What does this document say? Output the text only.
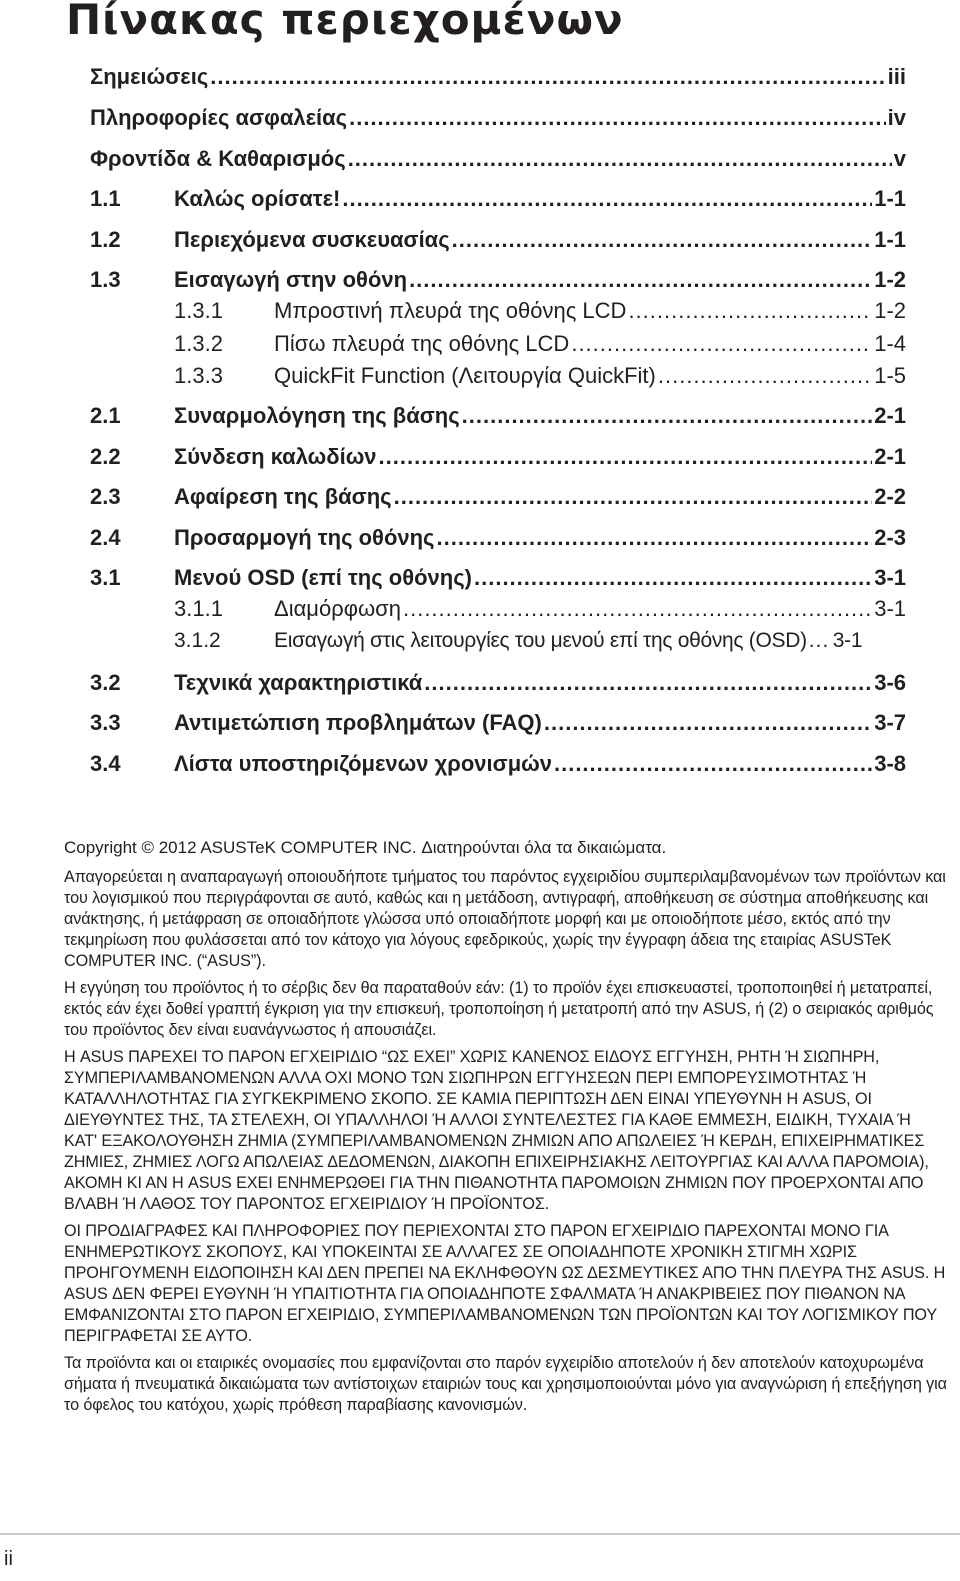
Πίνακας περιεχομένων
Σημειώσεις .....	iii
Πληροφορίες ασφαλείας .....	iv
Φροντίδα & Καθαρισμός .....	v
1.1	Καλώς ορίσατε! .....	1-1
1.2	Περιεχόμενα συσκευασίας .....	1-1
1.3	Εισαγωγή στην οθόνη .....	1-2
1.3.1	Μπροστινή πλευρά της οθόνης LCD .....	1-2
1.3.2	Πίσω πλευρά της οθόνης LCD .....	1-4
1.3.3	QuickFit Function (Λειτουργία QuickFit) .....	1-5
2.1	Συναρμολόγηση της βάσης .....	2-1
2.2	Σύνδεση καλωδίων .....	2-1
2.3	Αφαίρεση της βάσης .....	2-2
2.4	Προσαρμογή της οθόνης .....	2-3
3.1	Μενού OSD (επί της οθόνης) .....	3-1
3.1.1	Διαμόρφωση .....	3-1
3.1.2	Εισαγωγή στις λειτουργίες του μενού επί της οθόνης (OSD) ..... 3-1
3.2	Τεχνικά χαρακτηριστικά .....	3-6
3.3	Αντιμετώπιση προβλημάτων (FAQ) .....	3-7
3.4	Λίστα υποστηριζόμενων χρονισμών .....	3-8
Copyright © 2012 ASUSTeK COMPUTER INC. Διατηρούνται όλα τα δικαιώματα.

Απαγορεύεται η αναπαραγωγή οποιουδήποτε τμήματος του παρόντος εγχειριδίου συμπεριλαμβανομένων των προϊόντων και του λογισμικού που περιγράφονται σε αυτό, καθώς και η μετάδοση, αντιγραφή, αποθήκευση σε σύστημα αποθήκευσης και ανάκτησης, ή μετάφραση σε οποιαδήποτε γλώσσα υπό οποιαδήποτε μορφή και με οποιοδήποτε μέσο, εκτός από την τεκμηρίωση που φυλάσσεται από τον κάτοχο για λόγους εφεδρικούς, χωρίς την έγγραφη άδεια της εταιρίας ASUSTeK COMPUTER INC. (“ASUS”).

Η εγγύηση του προϊόντος ή το σέρβις δεν θα παραταθούν εάν: (1) το προϊόν έχει επισκευαστεί, τροποποιηθεί ή μετατραπεί, εκτός εάν έχει δοθεί γραπτή έγκριση για την επισκευή, τροποποίηση ή μετατροπή από την ASUS, ή (2) ο σειριακός αριθμός του προϊόντος δεν είναι ευανάγνωστος ή απουσιάζει.

Η ASUS ΠΑΡΕΧΕΙ ΤΟ ΠΑΡΟΝ ΕΓΧΕΙΡΙΔΙΟ “ΩΣ ΕΧΕΙ” ΧΩΡΙΣ ΚΑΝΕΝΟΣ ΕΙΔΟΥΣ ΕΓΓΥΗΣΗ, ΡΗΤΗ Ή ΣΙΩΠΗΡΗ, ΣΥΜΠΕΡΙΛΑΜΒΑΝΟΜΕΝΩΝ ΑΛΛΑ ΟΧΙ ΜΟΝΟ ΤΩΝ ΣΙΩΠΗΡΩΝ ΕΓΓΥΗΣΕΩΝ ΠΕΡΙ ΕΜΠΟΡΕΥΣΙΜΟΤΗΤΑΣ Ή ΚΑΤΑΛΛΗΛΟΤΗΤΑΣ ΓΙΑ ΣΥΓΚΕΚΡΙΜΕΝΟ ΣΚΟΠΟ. ΣΕ ΚΑΜΙΑ ΠΕΡΙΠΤΩΣΗ ΔΕΝ ΕΙΝΑΙ ΥΠΕΥΘΥΝΗ Η ASUS, ΟΙ ΔΙΕΥΘΥΝΤΕΣ ΤΗΣ, ΤΑ ΣΤΕΛΕΧΗ, ΟΙ ΥΠΑΛΛΗΛΟΙ Ή ΑΛΛΟΙ ΣΥΝΤΕΛΕΣΤΕΣ ΓΙΑ ΚΑΘΕ ΕΜΜΕΣΗ, ΕΙΔΙΚΗ, ΤΥΧΑΙΑ Ή ΚΑΤ' ΕΞΑΚΟΛΟΥΘΗΣΗ ΖΗΜΙΑ (ΣΥΜΠΕΡΙΛΑΜΒΑΝΟΜΕΝΩΝ ΖΗΜΙΩΝ ΑΠΟ ΑΠΩΛΕΙΕΣ Ή ΚΕΡΔΗ, ΕΠΙΧΕΙΡΗΜΑΤΙΚΕΣ ΖΗΜΙΕΣ, ΖΗΜΙΕΣ ΛΟΓΩ ΑΠΩΛΕΙΑΣ ΔΕΔΟΜΕΝΩΝ, ΔΙΑΚΟΠΗ ΕΠΙΧΕΙΡΗΣΙΑΚΗΣ ΛΕΙΤΟΥΡΓΙΑΣ ΚΑΙ ΑΛΛΑ ΠΑΡΟΜΟΙΑ), ΑΚΟΜΗ ΚΙ ΑΝ Η ASUS ΕΧΕΙ ΕΝΗΜΕΡΩΘΕΙ ΓΙΑ ΤΗΝ ΠΙΘΑΝΟΤΗΤΑ ΠΑΡΟΜΟΙΩΝ ΖΗΜΙΩΝ ΠΟΥ ΠΡΟΕΡΧΟΝΤΑΙ ΑΠΟ ΒΛΑΒΗ Ή ΛΑΘΟΣ ΤΟΥ ΠΑΡΟΝΤΟΣ ΕΓΧΕΙΡΙΔΙΟΥ Ή ΠΡΟΪΟΝΤΟΣ.

ΟΙ ΠΡΟΔΙΑΓΡΑΦΕΣ ΚΑΙ ΠΛΗΡΟΦΟΡΙΕΣ ΠΟΥ ΠΕΡΙΕΧΟΝΤΑΙ ΣΤΟ ΠΑΡΟΝ ΕΓΧΕΙΡΙΔΙΟ ΠΑΡΕΧΟΝΤΑΙ ΜΟΝΟ ΓΙΑ ΕΝΗΜΕΡΩΤΙΚΟΥΣ ΣΚΟΠΟΥΣ, ΚΑΙ ΥΠΟΚΕΙΝΤΑΙ ΣΕ ΑΛΛΑΓΕΣ ΣΕ ΟΠΟΙΑΔΗΠΟΤΕ ΧΡΟΝΙΚΗ ΣΤΙΓΜΗ ΧΩΡΙΣ ΠΡΟΗΓΟΥΜΕΝΗ ΕΙΔΟΠΟΙΗΣΗ ΚΑΙ ΔΕΝ ΠΡΕΠΕΙ ΝΑ ΕΚΛΗΦΘΟΥΝ ΩΣ ΔΕΣΜΕΥΤΙΚΕΣ ΑΠΟ ΤΗΝ ΠΛΕΥΡΑ ΤΗΣ ASUS. Η ASUS ΔΕΝ ΦΕΡΕΙ ΕΥΘΥΝΗ Ή ΥΠΑΙΤΙΟΤΗΤΑ ΓΙΑ ΟΠΟΙΑΔΗΠΟΤΕ ΣΦΑΛΜΑΤΑ Ή ΑΝΑΚΡΙΒΕΙΕΣ ΠΟΥ ΠΙΘΑΝΟΝ ΝΑ ΕΜΦΑΝΙΖΟΝΤΑΙ ΣΤΟ ΠΑΡΟΝ ΕΓΧΕΙΡΙΔΙΟ, ΣΥΜΠΕΡΙΛΑΜΒΑΝΟΜΕΝΩΝ ΤΩΝ ΠΡΟΪΟΝΤΩΝ ΚΑΙ ΤΟΥ ΛΟΓΙΣΜΙΚΟΥ ΠΟΥ ΠΕΡΙΓΡΑΦΕΤΑΙ ΣΕ ΑΥΤΟ.

Τα προϊόντα και οι εταιρικές ονομασίες που εμφανίζονται στο παρόν εγχειρίδιο αποτελούν ή δεν αποτελούν κατοχυρωμένα σήματα ή πνευματικά δικαιώματα των αντίστοιχων εταιριών τους και χρησιμοποιούνται μόνο για αναγνώριση ή επεξήγηση για το όφελος του κατόχου, χωρίς πρόθεση παραβίασης κανονισμών.

ii
